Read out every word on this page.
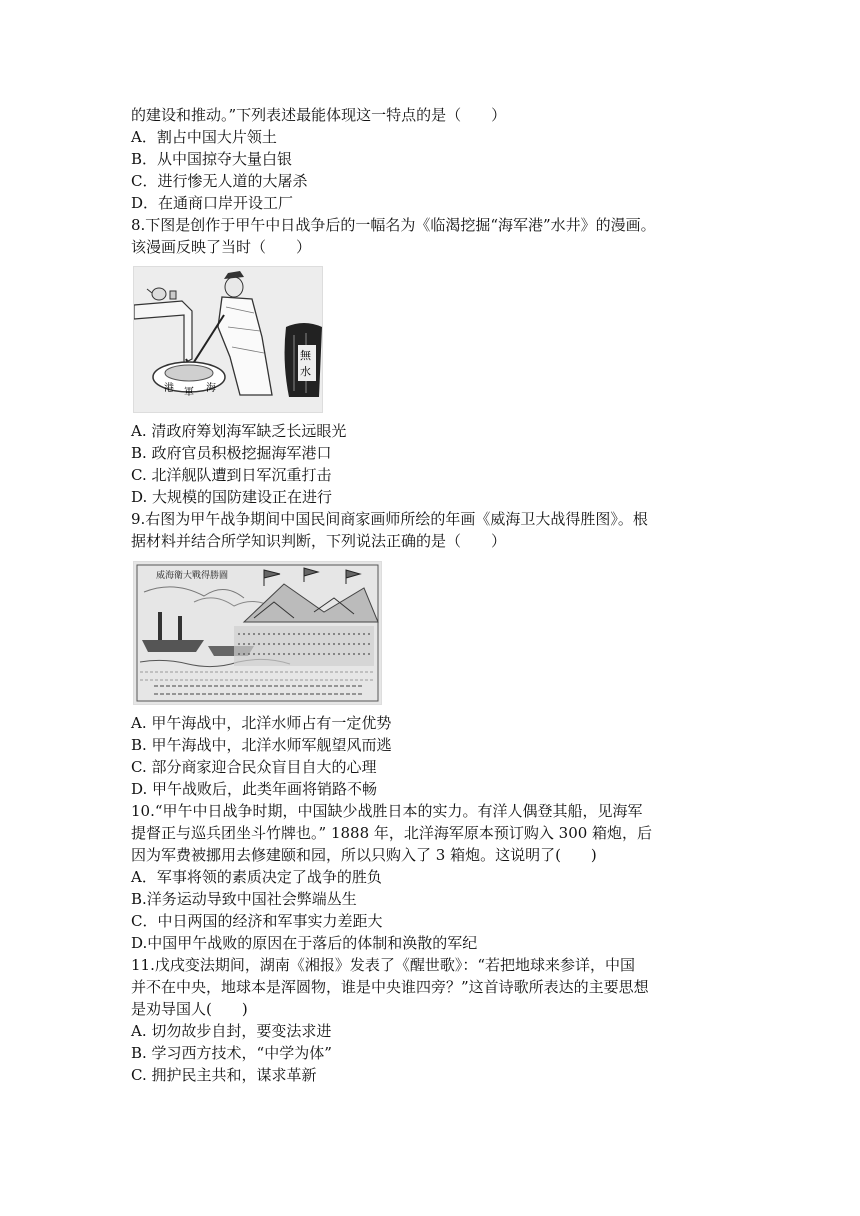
的建设和推动。”下列表述最能体现这一特点的是（　　）
A．割占中国大片领土
B．从中国掠夺大量白银
C．进行惨无人道的大屠杀
D．在通商口岸开设工厂
8.下图是创作于甲午中日战争后的一幅名为《临渴挖掘“海军港”水井》的漫画。
该漫画反映了当时（　　）
港 軍 海
無
水
A. 清政府筹划海军缺乏长远眼光
B. 政府官员积极挖掘海军港口
C. 北洋舰队遭到日军沉重打击
D. 大规模的国防建设正在进行
9.右图为甲午战争期间中国民间商家画师所绘的年画《威海卫大战得胜图》。根
据材料并结合所学知识判断，下列说法正确的是（　　）
威海衛大戰得勝圖
A. 甲午海战中，北洋水师占有一定优势
B. 甲午海战中，北洋水师军舰望风而逃
C. 部分商家迎合民众盲目自大的心理
D. 甲午战败后，此类年画将销路不畅
10.“甲午中日战争时期，中国缺少战胜日本的实力。有洋人偶登其船，见海军
提督正与巡兵团坐斗竹牌也。” 1888 年，北洋海军原本预订购入 300 箱炮，后
因为军费被挪用去修建颐和园，所以只购入了 3 箱炮。这说明了(　　)
A．军事将领的素质决定了战争的胜负
B.洋务运动导致中国社会弊端丛生
C．中日两国的经济和军事实力差距大
D.中国甲午战败的原因在于落后的体制和涣散的军纪
11.戊戌变法期间，湖南《湘报》发表了《醒世歌》：“若把地球来参详，中国
并不在中央，地球本是浑圆物，谁是中央谁四旁？”这首诗歌所表达的主要思想
是劝导国人(　　)
A. 切勿故步自封，要变法求进
B. 学习西方技术，“中学为体”
C. 拥护民主共和，谋求革新
